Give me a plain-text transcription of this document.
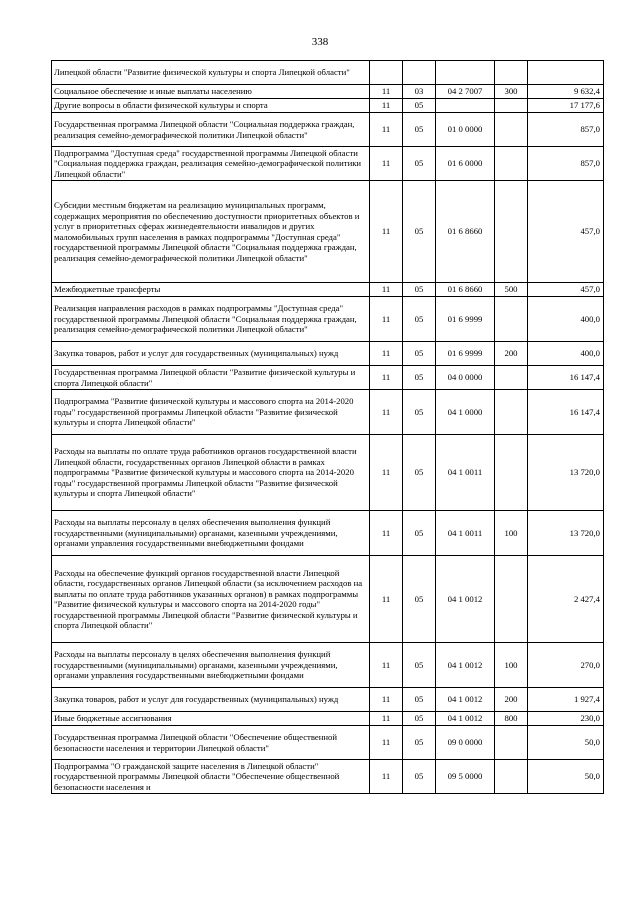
338
Липецкой области "Развитие физической культуры и спорта Липецкой области"					
Социальное обеспечение и иные выплаты населению	11	03	04 2 7007	300	9 632,4
Другие вопросы в области физической культуры и спорта	11	05			17 177,6
Государственная программа Липецкой области "Социальная поддержка граждан, реализация семейно-демографической политики Липецкой области"	11	05	01 0 0000		857,0
Подпрограмма "Доступная среда" государственной программы Липецкой области "Социальная поддержка граждан, реализация семейно-демографической политики Липецкой области"	11	05	01 6 0000		857,0
Субсидии местным бюджетам на реализацию муниципальных программ, содержащих мероприятия по обеспечению доступности приоритетных объектов и услуг в приоритетных сферах жизнедеятельности инвалидов и других маломобильных групп населения в рамках подпрограммы "Доступная среда" государственной программы Липецкой области "Социальная поддержка граждан, реализация семейно-демографической политики Липецкой области"	11	05	01 6 8660		457,0
Межбюджетные трансферты	11	05	01 6 8660	500	457,0
Реализация направления расходов в рамках подпрограммы "Доступная среда" государственной программы Липецкой области "Социальная поддержка граждан, реализация семейно-демографической политики Липецкой области"	11	05	01 6 9999		400,0
Закупка товаров, работ и услуг для государственных (муниципальных) нужд	11	05	01 6 9999	200	400,0
Государственная программа Липецкой области "Развитие физической культуры и спорта Липецкой области"	11	05	04 0 0000		16 147,4
Подпрограмма "Развитие физической культуры и массового спорта на 2014-2020 годы" государственной программы Липецкой области "Развитие физической культуры и спорта Липецкой области"	11	05	04 1 0000		16 147,4
Расходы на выплаты по оплате труда работников органов государственной власти Липецкой области, государственных органов Липецкой области в рамках подпрограммы "Развитие физической культуры и массового спорта на 2014-2020 годы" государственной программы Липецкой области "Развитие физической культуры и спорта Липецкой области"	11	05	04 1 0011		13 720,0
Расходы на выплаты персоналу в целях обеспечения выполнения функций государственными (муниципальными) органами, казенными учреждениями, органами управления государственными внебюджетными фондами	11	05	04 1 0011	100	13 720,0
Расходы на обеспечение функций органов государственной власти Липецкой области, государственных органов Липецкой области (за исключением расходов на выплаты по оплате труда работников указанных органов) в рамках подпрограммы "Развитие физической культуры и массового спорта на 2014-2020 годы" государственной программы Липецкой области "Развитие физической культуры и спорта Липецкой области"	11	05	04 1 0012		2 427,4
Расходы на выплаты персоналу в целях обеспечения выполнения функций государственными (муниципальными) органами, казенными учреждениями, органами управления государственными внебюджетными фондами	11	05	04 1 0012	100	270,0
Закупка товаров, работ и услуг для государственных (муниципальных) нужд	11	05	04 1 0012	200	1 927,4
Иные бюджетные ассигнования	11	05	04 1 0012	800	230,0
Государственная программа Липецкой области "Обеспечение общественной безопасности населения и территории Липецкой области"	11	05	09 0 0000		50,0
Подпрограмма "О гражданской защите населения в Липецкой области" государственной программы Липецкой области "Обеспечение общественной безопасности населения и	11	05	09 5 0000		50,0
